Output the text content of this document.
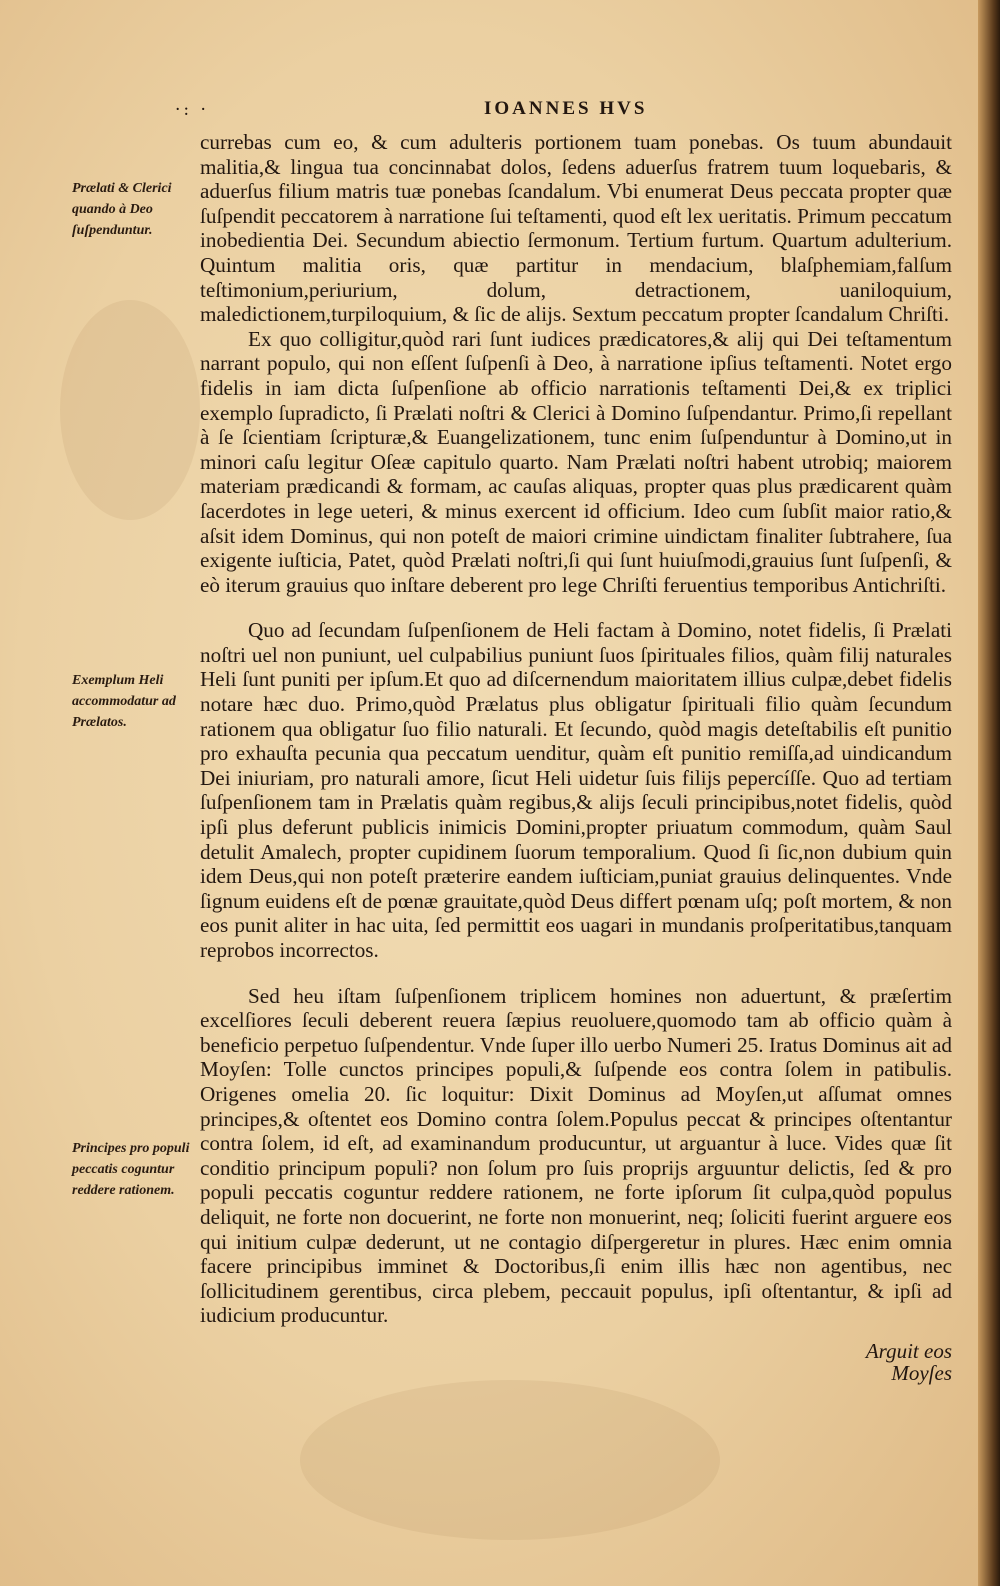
·: ·	IOANNES HVS
Prælati & Clerici quando à Deo ſuſpenduntur.
Exemplum Heli accommodatur ad Prælatos.
Principes pro populi peccatis coguntur reddere rationem.

currebas cum eo, & cum adulteris portionem tuam ponebas. Os tuum abundauit malitia,& lingua tua concinnabat dolos, ſedens aduerſus fratrem tuum loquebaris, & aduerſus filium matris tuæ ponebas ſcandalum. Vbi enumerat Deus peccata propter quæ ſuſpendit peccatorem à narratione ſui teſtamenti, quod eſt lex ueritatis. Primum peccatum inobedientia Dei. Secundum abiectio ſermonum. Tertium furtum. Quartum adulterium. Quintum malitia oris, quæ partitur in mendacium, blaſphemiam,falſum teſtimonium,periurium, dolum, detractionem, uaniloquium, maledictionem,turpiloquium, & ſic de alijs. Sextum peccatum propter ſcandalum Chriſti.

Ex quo colligitur,quòd rari ſunt iudices prædicatores,& alij qui Dei teſtamentum narrant populo, qui non eſſent ſuſpenſi à Deo, à narratione ipſius teſtamenti. Notet ergo fidelis in iam dicta ſuſpenſione ab officio narrationis teſtamenti Dei,& ex triplici exemplo ſupradicto, ſi Prælati noſtri & Clerici à Domino ſuſpendantur. Primo,ſi repellant à ſe ſcientiam ſcripturæ,& Euangelizationem, tunc enim ſuſpenduntur à Domino,ut in minori caſu legitur Oſeæ capitulo quarto. Nam Prælati noſtri habent utrobiq; maiorem materiam prædicandi & formam, ac cauſas aliquas, propter quas plus prædicarent quàm ſacerdotes in lege ueteri, & minus exercent id officium. Ideo cum ſubſit maior ratio,& aſsit idem Dominus, qui non poteſt de maiori crimine uindictam finaliter ſubtrahere, ſua exigente iuſticia, Patet, quòd Prælati noſtri,ſi qui ſunt huiuſmodi,grauius ſunt ſuſpenſi, & eò iterum grauius quo inſtare deberent pro lege Chriſti feruentius temporibus Antichriſti.

Quo ad ſecundam ſuſpenſionem de Heli factam à Domino, notet fidelis, ſi Prælati noſtri uel non puniunt, uel culpabilius puniunt ſuos ſpirituales filios, quàm filij naturales Heli ſunt puniti per ipſum.Et quo ad diſcernendum maioritatem illius culpæ,debet fidelis notare hæc duo. Primo,quòd Prælatus plus obligatur ſpirituali filio quàm ſecundum rationem qua obligatur ſuo filio naturali. Et ſecundo, quòd magis deteſtabilis eſt punitio pro exhauſta pecunia qua peccatum uenditur, quàm eſt punitio remiſſa,ad uindicandum Dei iniuriam, pro naturali amore, ſicut Heli uidetur ſuis filijs pepercíſſe. Quo ad tertiam ſuſpenſionem tam in Prælatis quàm regibus,& alijs ſeculi principibus,notet fidelis, quòd ipſi plus deferunt publicis inimicis Domini,propter priuatum commodum, quàm Saul detulit Amalech, propter cupidinem ſuorum temporalium. Quod ſi ſic,non dubium quin idem Deus,qui non poteſt præterire eandem iuſticiam,puniat grauius delinquentes. Vnde ſignum euidens eſt de pœnæ grauitate,quòd Deus differt pœnam uſq; poſt mortem, & non eos punit aliter in hac uita, ſed permittit eos uagari in mundanis proſperitatibus,tanquam reprobos incorrectos.

Sed heu iſtam ſuſpenſionem triplicem homines non aduertunt, & præſertim excelſiores ſeculi deberent reuera ſæpius reuoluere,quomodo tam ab officio quàm à beneficio perpetuo ſuſpendentur. Vnde ſuper illo uerbo Numeri 25. Iratus Dominus ait ad Moyſen: Tolle cunctos principes populi,& ſuſpende eos contra ſolem in patibulis. Origenes omelia 20. ſic loquitur: Dixit Dominus ad Moyſen,ut aſſumat omnes principes,& oſtentet eos Domino contra ſolem.Populus peccat & principes oſtentantur contra ſolem, id eſt, ad examinandum producuntur, ut arguantur à luce. Vides quæ ſit conditio principum populi? non ſolum pro ſuis proprijs arguuntur delictis, ſed & pro populi peccatis coguntur reddere rationem, ne forte ipſorum ſit culpa,quòd populus deliquit, ne forte non docuerint, ne forte non monuerint, neq; ſoliciti fuerint arguere eos qui initium culpæ dederunt, ut ne contagio diſpergeretur in plures. Hæc enim omnia facere principibus imminet & Doctoribus,ſi enim illis hæc non agentibus, nec ſollicitudinem gerentibus, circa plebem, peccauit populus, ipſi oſtentantur, & ipſi ad iudicium producuntur.

Arguit eos Moyſes
